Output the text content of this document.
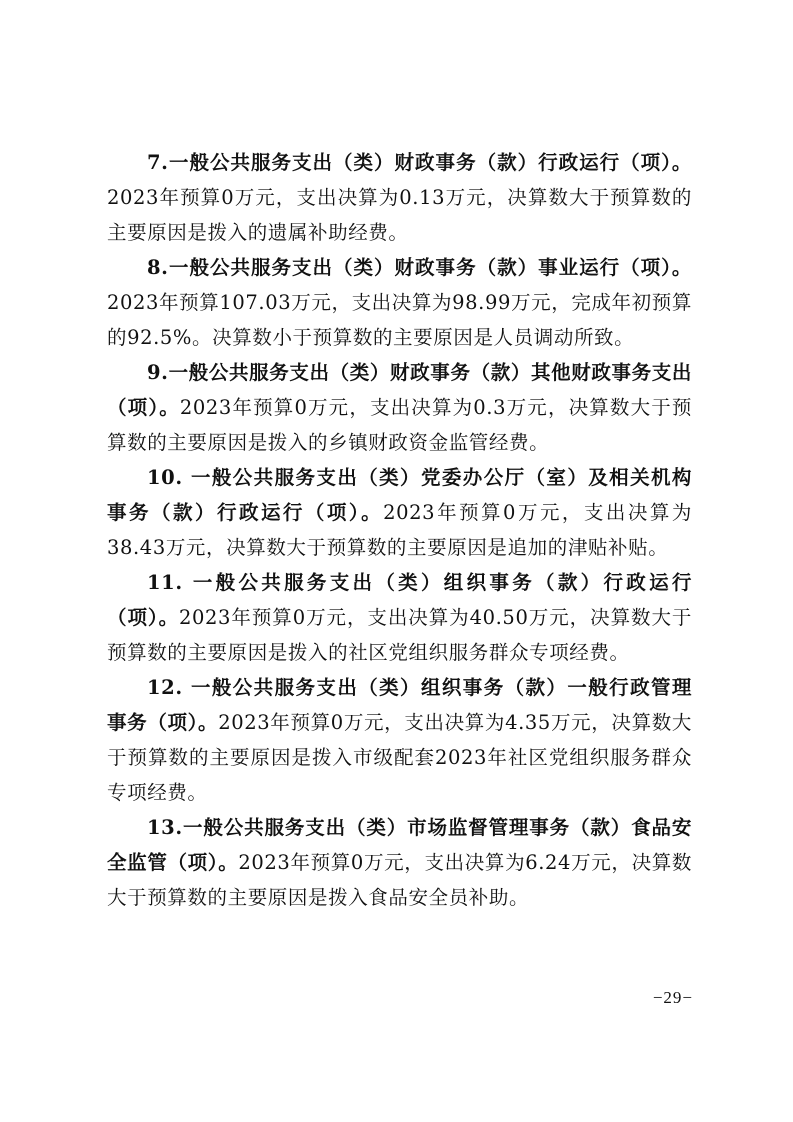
7.一般公共服务支出（类）财政事务（款）行政运行（项）。2023年预算0万元，支出决算为0.13万元，决算数大于预算数的主要原因是拨入的遗属补助经费。

8.一般公共服务支出（类）财政事务（款）事业运行（项）。2023年预算107.03万元，支出决算为98.99万元，完成年初预算的92.5%。决算数小于预算数的主要原因是人员调动所致。

9.一般公共服务支出（类）财政事务（款）其他财政事务支出（项）。2023年预算0万元，支出决算为0.3万元，决算数大于预算数的主要原因是拨入的乡镇财政资金监管经费。

10. 一般公共服务支出（类）党委办公厅（室）及相关机构事务（款）行政运行（项）。2023年预算0万元，支出决算为38.43万元，决算数大于预算数的主要原因是追加的津贴补贴。

11. 一般公共服务支出（类）组织事务（款）行政运行（项）。2023年预算0万元，支出决算为40.50万元，决算数大于预算数的主要原因是拨入的社区党组织服务群众专项经费。

12. 一般公共服务支出（类）组织事务（款）一般行政管理事务（项）。2023年预算0万元，支出决算为4.35万元，决算数大于预算数的主要原因是拨入市级配套2023年社区党组织服务群众专项经费。

13.一般公共服务支出（类）市场监督管理事务（款）食品安全监管（项）。2023年预算0万元，支出决算为6.24万元，决算数大于预算数的主要原因是拨入食品安全员补助。

−29−
